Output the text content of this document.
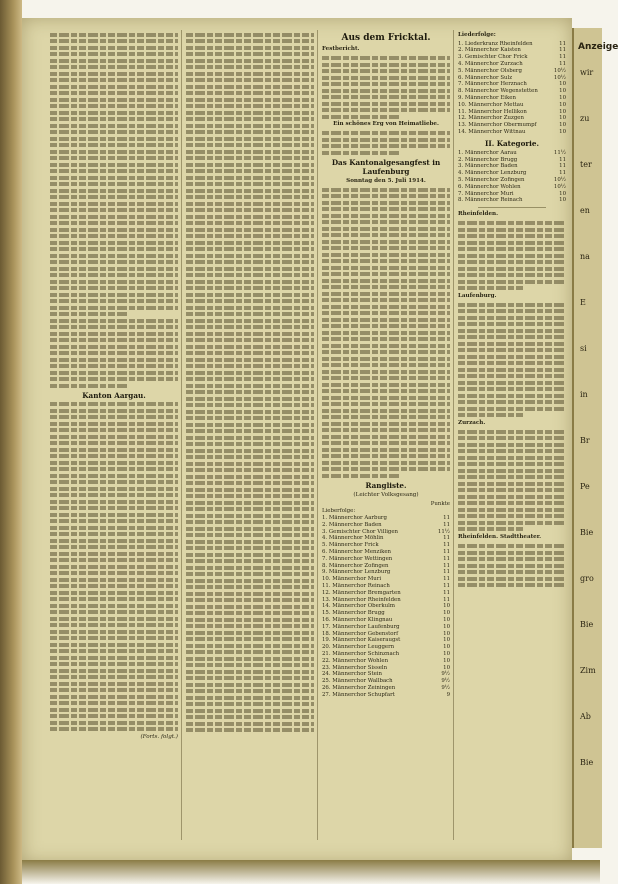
Kanton Aargau.
(Forts. folgt.)
Aus dem Fricktal.
Festbericht.
Ein schönes Erg von Heimatliebe.
Das Kantonalgesangfest in Laufenburg
Sonntag den 5. Juli 1914.
Rangliste.
(Leichter Volksgesang)
	Punkte
Lieberfolge:	
1. Männerchor Aarburg	11
2. Männerchor Baden	11
3. Gemischter Chor Villigen	11½
4. Männerchor Möhlin	11
5. Männerchor Frick	11
6. Männerchor Menziken	11
7. Männerchor Wettingen	11
8. Männerchor Zofingen	11
9. Männerchor Lenzburg	11
10. Männerchor Muri	11
11. Männerchor Reinach	11
12. Männerchor Bremgarten	11
13. Männerchor Rheinfelden	11
14. Männerchor Oberkulm	10
15. Männerchor Brugg	10
16. Männerchor Klingnau	10
17. Männerchor Laufenburg	10
18. Männerchor Gebenstorf	10
19. Männerchor Kaiseraugst	10
20. Männerchor Leuggern	10
21. Männerchor Schinznach	10
22. Männerchor Wohlen	10
23. Männerchor Sisseln	10
24. Männerchor Stein	9½
25. Männerchor Wallbach	9½
26. Männerchor Zeiningen	9½
27. Männerchor Schupfart	9
Liederfolge:
1. Liederkranz Rheinfelden	11
2. Männerchor Kaisten	11
3. Gemischter Chor Frick	11
4. Männerchor Zurzach	11
5. Männerchor Olsberg	10½
6. Männerchor Sulz	10½
7. Männerchor Herznach	10
8. Männerchor Wegenstetten	10
9. Männerchor Eiken	10
10. Männerchor Mettau	10
11. Männerchor Hellikon	10
12. Männerchor Zuzgen	10
13. Männerchor Obermumpf	10
14. Männerchor Wittnau	10
II. Kategorie.
1. Männerchor Aarau	11½
2. Männerchor Brugg	11
3. Männerchor Baden	11
4. Männerchor Lenzburg	11
5. Männerchor Zofingen	10½
6. Männerchor Wohlen	10½
7. Männerchor Muri	10
8. Männerchor Reinach	10
Rheinfelden.
Laufenburg.
Zurzach.
Rheinfelden. Stadttheater.
Anzeige
wir
zu
ter
en
na
E
si
in
Br
Pe
Bie
gro
Bie
Zim
Ab
Bie
